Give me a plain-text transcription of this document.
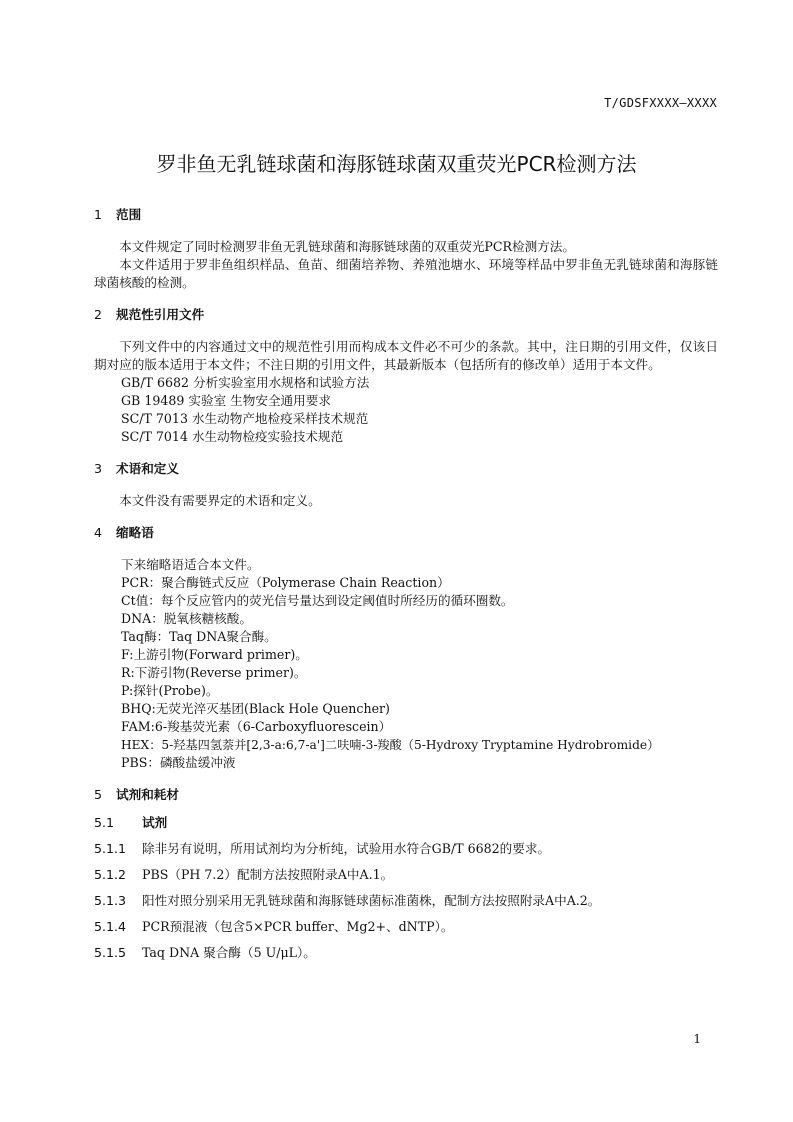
T/GDSFXXXX—XXXX
罗非鱼无乳链球菌和海豚链球菌双重荧光PCR检测方法

1 范围

本文件规定了同时检测罗非鱼无乳链球菌和海豚链球菌的双重荧光PCR检测方法。

本文件适用于罗非鱼组织样品、鱼苗、细菌培养物、养殖池塘水、环境等样品中罗非鱼无乳链球菌和海豚链球菌核酸的检测。

2 规范性引用文件

下列文件中的内容通过文中的规范性引用而构成本文件必不可少的条款。其中，注日期的引用文件，仅该日期对应的版本适用于本文件；不注日期的引用文件，其最新版本（包括所有的修改单）适用于本文件。

GB/T 6682 分析实验室用水规格和试验方法

GB 19489 实验室 生物安全通用要求

SC/T 7013 水生动物产地检疫采样技术规范

SC/T 7014 水生动物检疫实验技术规范

3 术语和定义

本文件没有需要界定的术语和定义。

4 缩略语

下来缩略语适合本文件。

PCR：聚合酶链式反应（Polymerase Chain Reaction）

Ct值：每个反应管内的荧光信号量达到设定阈值时所经历的循环圈数。

DNA：脱氧核糖核酸。

Taq酶：Taq DNA聚合酶。

F:上游引物(Forward primer)。

R:下游引物(Reverse primer)。

P:探针(Probe)。

BHQ:无荧光淬灭基团(Black Hole Quencher)

FAM:6-羧基荧光素（6-Carboxyfluorescein）

HEX：5-羟基四氢萘并[2,3-a:6,7-a']二呋喃-3-羧酸（5-Hydroxy Tryptamine Hydrobromide）

PBS：磷酸盐缓冲液

5 试剂和耗材

5.1 试剂

5.1.1 除非另有说明，所用试剂均为分析纯，试验用水符合GB/T 6682的要求。

5.1.2 PBS（PH 7.2）配制方法按照附录A中A.1。

5.1.3 阳性对照分别采用无乳链球菌和海豚链球菌标准菌株，配制方法按照附录A中A.2。

5.1.4 PCR预混液（包含5×PCR buffer、Mg2+、dNTP）。

5.1.5 Taq DNA 聚合酶（5 U/μL）。

1
